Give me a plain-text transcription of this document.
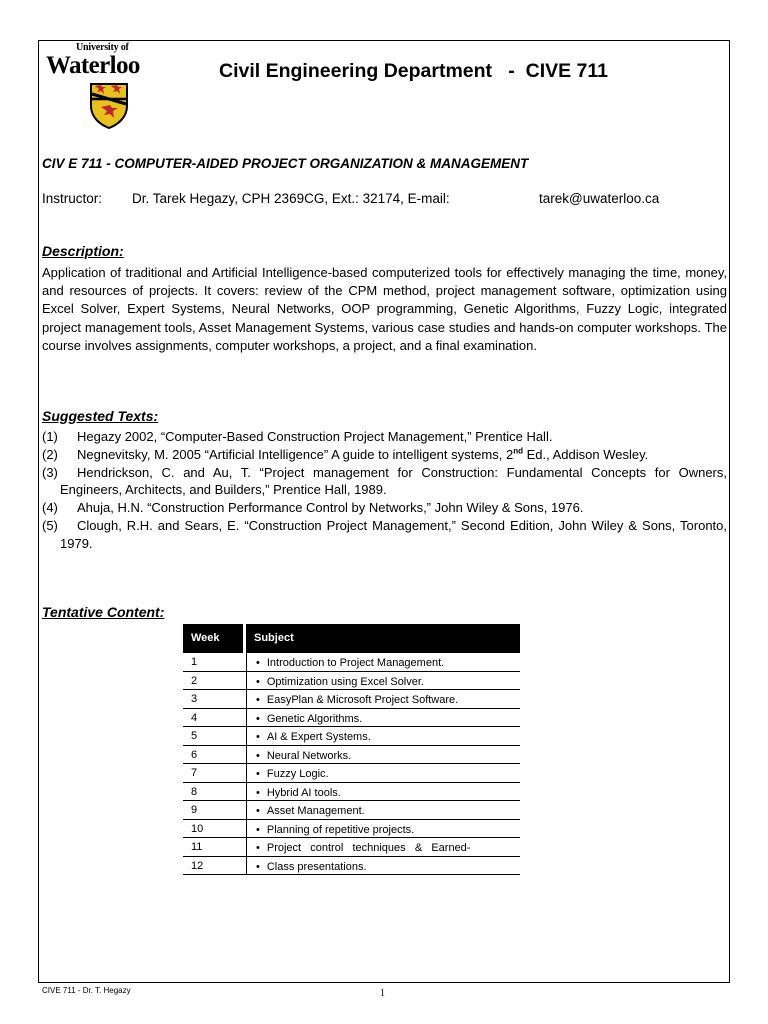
University of
Waterloo	Civil Engineering Department   -  CIVE 711
CIV E 711 - COMPUTER-AIDED PROJECT ORGANIZATION & MANAGEMENT
Instructor: Dr. Tarek Hegazy, CPH 2369CG, Ext.: 32174, E-mail:	tarek@uwaterloo.ca
Description:
Application of traditional and Artificial Intelligence-based computerized tools for effectively managing the time, money, and resources of projects. It covers: review of the CPM method, project management software, optimization using Excel Solver, Expert Systems, Neural Networks, OOP programming, Genetic Algorithms, Fuzzy Logic, integrated project management tools, Asset Management Systems, various case studies and hands-on computer workshops. The course involves assignments, computer workshops, a project, and a final examination.
Suggested Texts:
(1)	Hegazy 2002, “Computer-Based Construction Project Management,” Prentice Hall.
(2)	Negnevitsky, M. 2005 “Artificial Intelligence” A guide to intelligent systems, 2nd Ed., Addison Wesley.
(3)	Hendrickson, C. and Au, T. “Project management for Construction: Fundamental Concepts for Owners, Engineers, Architects, and Builders,” Prentice Hall, 1989.
(4)	Ahuja, H.N. “Construction Performance Control by Networks,” John Wiley & Sons, 1976.
(5)	Clough, R.H. and Sears, E. “Construction Project Management,” Second Edition, John Wiley & Sons, Toronto, 1979.
Tentative Content:
Week	Subject
1	• Introduction to Project Management.
2	• Optimization using Excel Solver.
3	• EasyPlan & Microsoft Project Software.
4	• Genetic Algorithms.
5	• AI & Expert Systems.
6	• Neural Networks.
7	• Fuzzy Logic.
8	• Hybrid AI tools.
9	• Asset Management.
10	• Planning of repetitive projects.
11	• Project   control   techniques   &   Earned-
12	• Class presentations.
CIVE 711 - Dr. T. Hegazy	1
